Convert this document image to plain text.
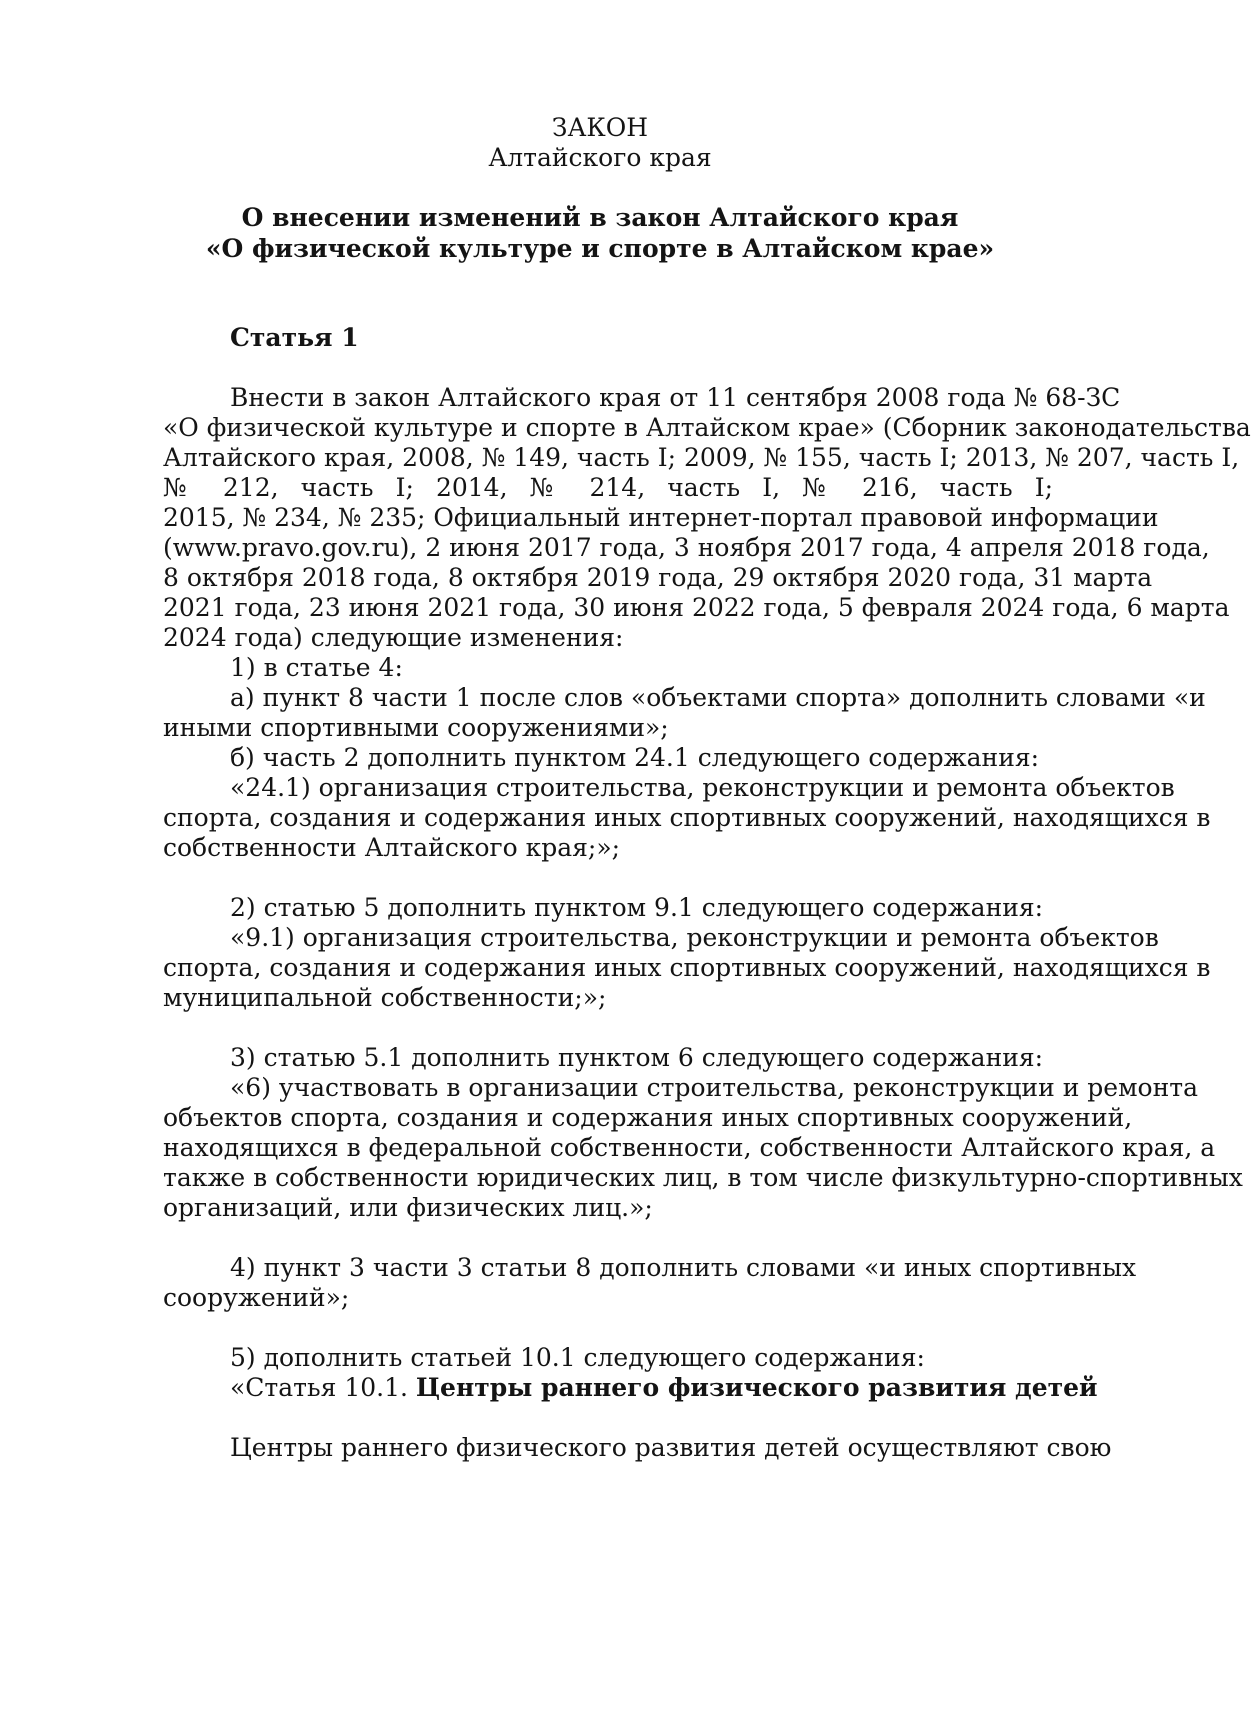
ЗАКОН
Алтайского края
О внесении изменений в закон Алтайского края
«О физической культуре и спорте в Алтайском крае»
Статья 1
Внести в закон Алтайского края от 11 сентября 2008 года № 68-ЗС
«О физической культуре и спорте в Алтайском крае» (Сборник законодательства
Алтайского края, 2008, № 149, часть I; 2009, № 155, часть I; 2013, № 207, часть I,
№ 212, часть I; 2014, № 214, часть I, № 216, часть I;
2015, № 234, № 235; Официальный интернет-портал правовой информации
(www.pravo.gov.ru), 2 июня 2017 года, 3 ноября 2017 года, 4 апреля 2018 года,
8 октября 2018 года, 8 октября 2019 года, 29 октября 2020 года, 31 марта
2021 года, 23 июня 2021 года, 30 июня 2022 года, 5 февраля 2024 года, 6 марта
2024 года) следующие изменения:
1) в статье 4:
а) пункт 8 части 1 после слов «объектами спорта» дополнить словами «и
иными спортивными сооружениями»;
б) часть 2 дополнить пунктом 24.1 следующего содержания:
«24.1) организация строительства, реконструкции и ремонта объектов
спорта, создания и содержания иных спортивных сооружений, находящихся в
собственности Алтайского края;»;
2) статью 5 дополнить пунктом 9.1 следующего содержания:
«9.1) организация строительства, реконструкции и ремонта объектов
спорта, создания и содержания иных спортивных сооружений, находящихся в
муниципальной собственности;»;
3) статью 5.1 дополнить пунктом 6 следующего содержания:
«6) участвовать в организации строительства, реконструкции и ремонта
объектов спорта, создания и содержания иных спортивных сооружений,
находящихся в федеральной собственности, собственности Алтайского края, а
также в собственности юридических лиц, в том числе физкультурно-спортивных
организаций, или физических лиц.»;
4) пункт 3 части 3 статьи 8 дополнить словами «и иных спортивных
сооружений»;
5) дополнить статьей 10.1 следующего содержания:
«Статья 10.1. Центры раннего физического развития детей
Центры раннего физического развития детей осуществляют свою
